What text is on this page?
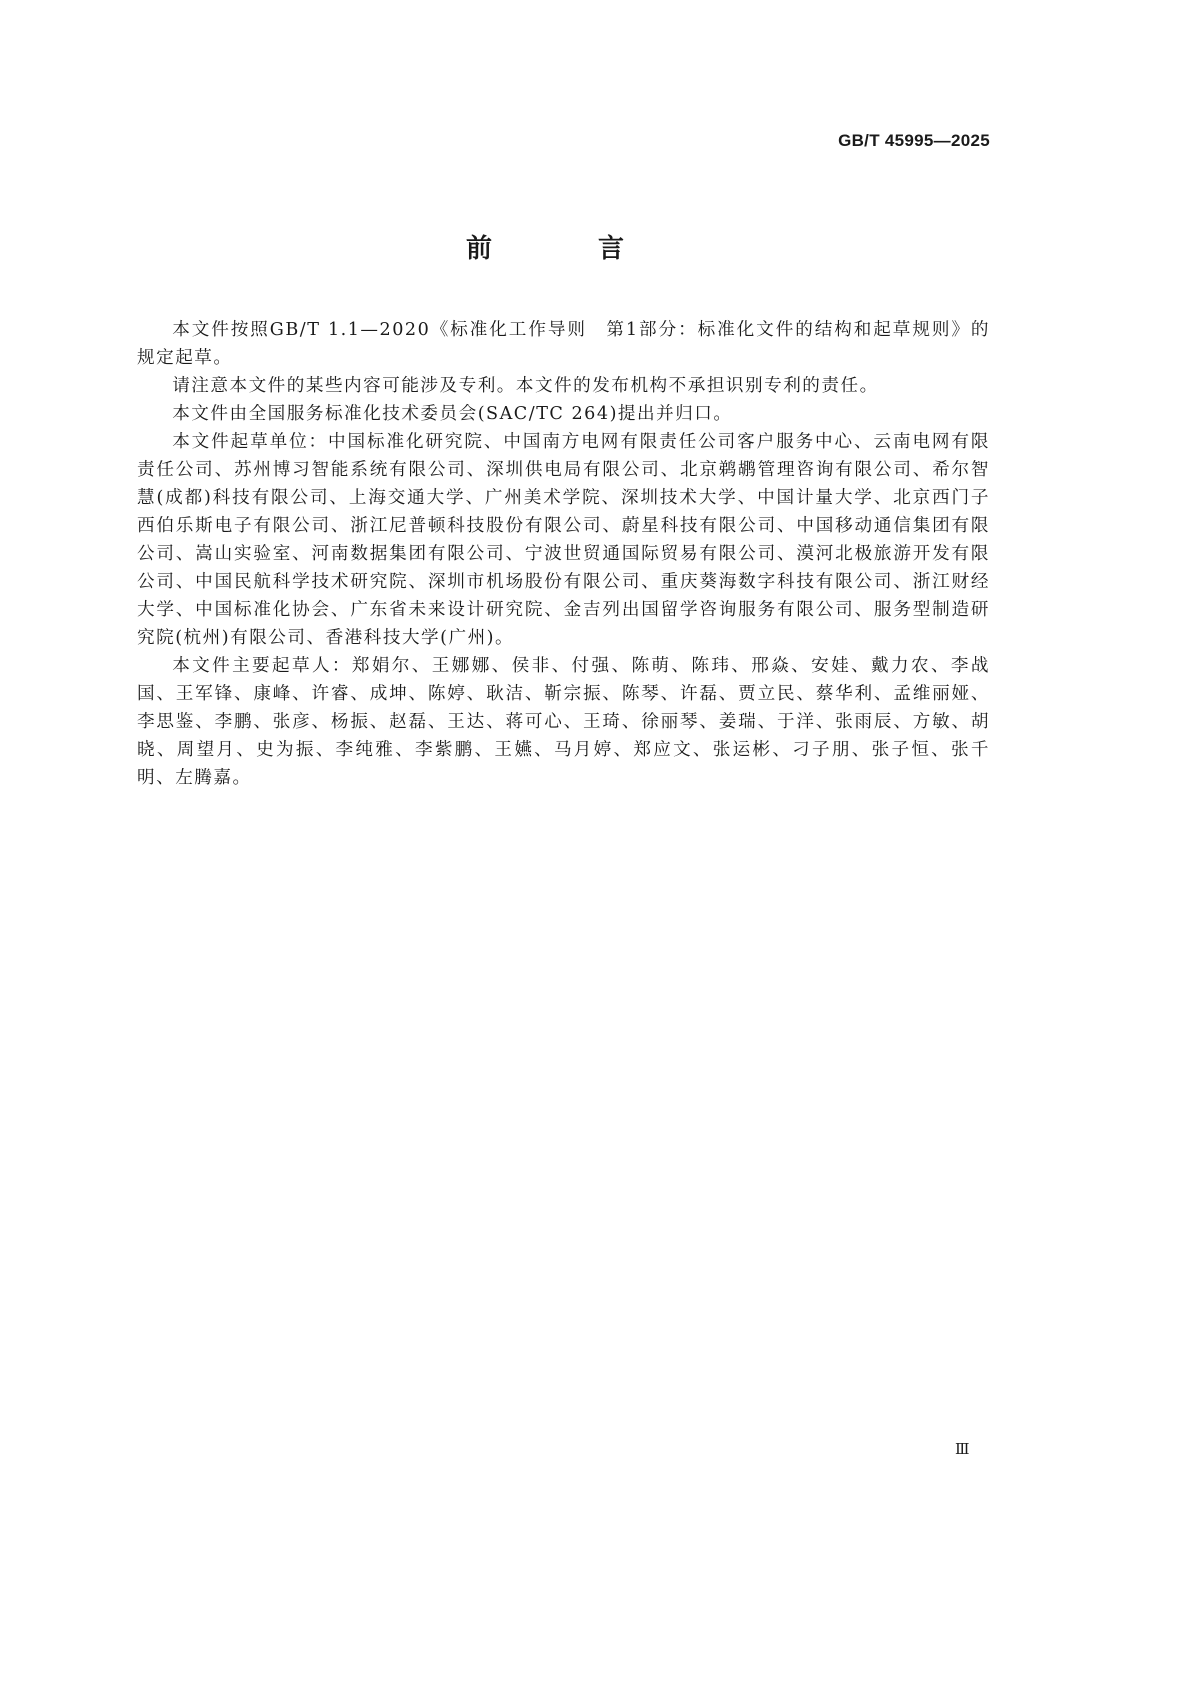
GB/T 45995—2025
前　言

本文件按照GB/T 1.1—2020《标准化工作导则　第1部分：标准化文件的结构和起草规则》的规定起草。

请注意本文件的某些内容可能涉及专利。本文件的发布机构不承担识别专利的责任。

本文件由全国服务标准化技术委员会(SAC/TC 264)提出并归口。

本文件起草单位：中国标准化研究院、中国南方电网有限责任公司客户服务中心、云南电网有限责任公司、苏州博习智能系统有限公司、深圳供电局有限公司、北京鹈鹕管理咨询有限公司、希尔智慧(成都)科技有限公司、上海交通大学、广州美术学院、深圳技术大学、中国计量大学、北京西门子西伯乐斯电子有限公司、浙江尼普顿科技股份有限公司、蔚星科技有限公司、中国移动通信集团有限公司、嵩山实验室、河南数据集团有限公司、宁波世贸通国际贸易有限公司、漠河北极旅游开发有限公司、中国民航科学技术研究院、深圳市机场股份有限公司、重庆葵海数字科技有限公司、浙江财经大学、中国标准化协会、广东省未来设计研究院、金吉列出国留学咨询服务有限公司、服务型制造研究院(杭州)有限公司、香港科技大学(广州)。

本文件主要起草人：郑娟尔、王娜娜、侯非、付强、陈萌、陈玮、邢焱、安娃、戴力农、李战国、王军锋、康峰、许睿、成坤、陈婷、耿洁、靳宗振、陈琴、许磊、贾立民、蔡华利、孟维丽娅、李思鉴、李鹏、张彦、杨振、赵磊、王达、蒋可心、王琦、徐丽琴、姜瑞、于洋、张雨辰、方敏、胡晓、周望月、史为振、李纯雅、李紫鹏、王嬿、马月婷、郑应文、张运彬、刁子朋、张子恒、张千明、左腾嘉。

Ⅲ
